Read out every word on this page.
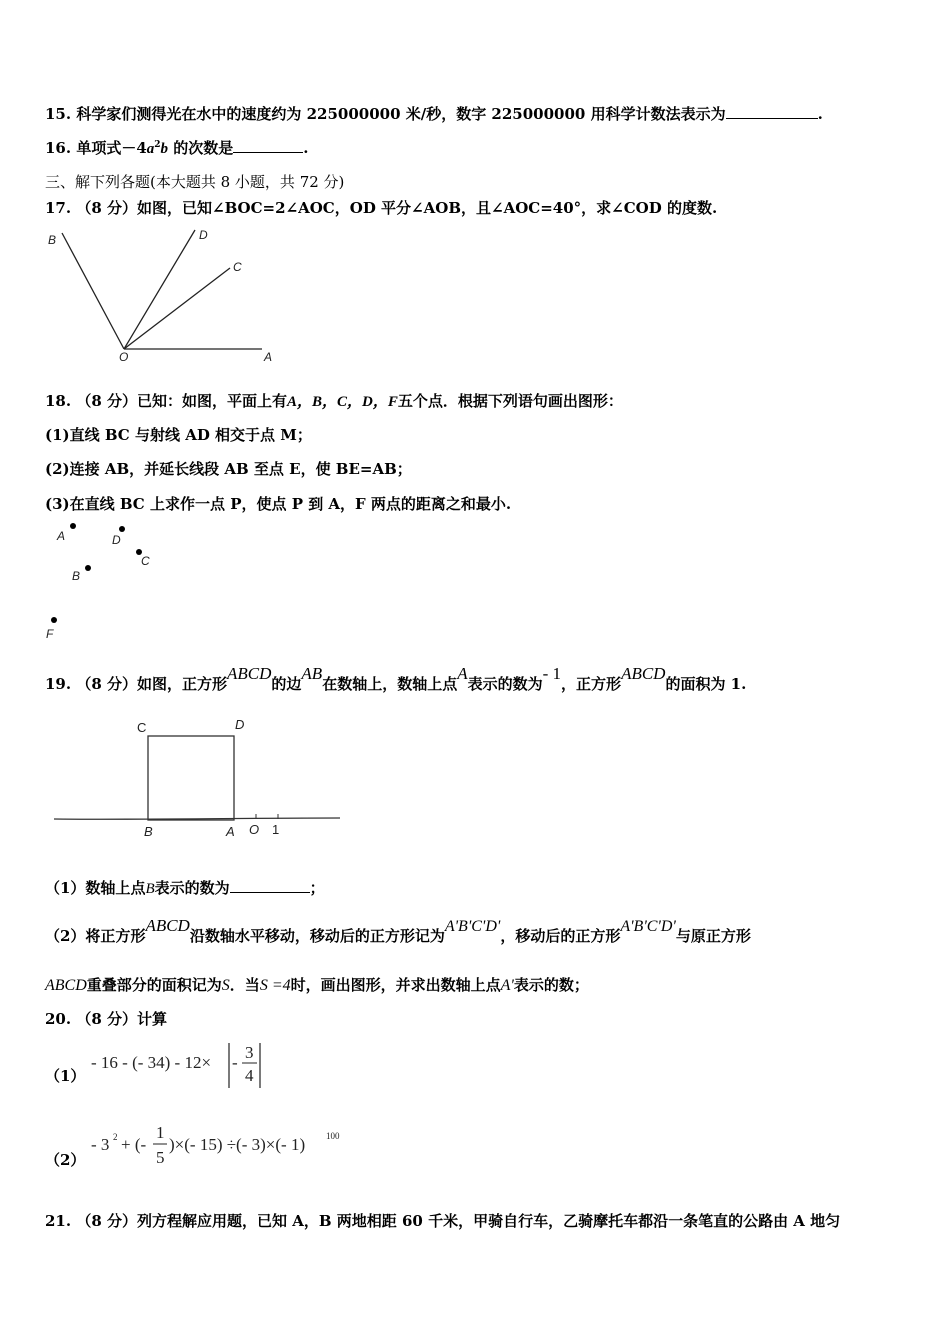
15. 科学家们测得光在水中的速度约为 225000000 米/秒，数字 225000000 用科学计数法表示为	.
16. 单项式$-4a^2b$ 的次数是	.
三、解下列各题(本大题共 8 小题，共 72 分)
17. （8 分）如图，已知∠BOC=2∠AOC，OD 平分∠AOB，且∠AOC=40°，求∠COD 的度数.
B	D
C
O	A
18. （8 分）已知：如图，平面上有A，B，C，D，F五个点．根据下列语句画出图形：
(1)直线 BC 与射线 AD 相交于点 M；
(2)连接 AB，并延长线段 AB 至点 E，使 BE=AB；
(3)在直线 BC 上求作一点 P，使点 P 到 A，F 两点的距离之和最小.
A	D
C
B
F
19. （8 分）如图，正方形ABCD的边AB在数轴上，数轴上点A表示的数为- 1，正方形ABCD的面积为 1.
C	D
B	A O 1
（1）数轴上点B表示的数为	；
（2）将正方形ABCD沿数轴水平移动，移动后的正方形记为A'B'C'D'，移动后的正方形A'B'C'D'与原正方形
ABCD重叠部分的面积记为S．当S =4时，画出图形，并求出数轴上点A'表示的数；
20. （8 分）计算
（1）
- 16 - (- 34) - 12× -
3
4
（2）
- 3 2 + (-
1
5
)×(- 15) ÷(- 3)×(- 1) 100
21. （8 分）列方程解应用题，已知 A，B 两地相距 60 千米，甲骑自行车，乙骑摩托车都沿一条笔直的公路由 A 地匀
